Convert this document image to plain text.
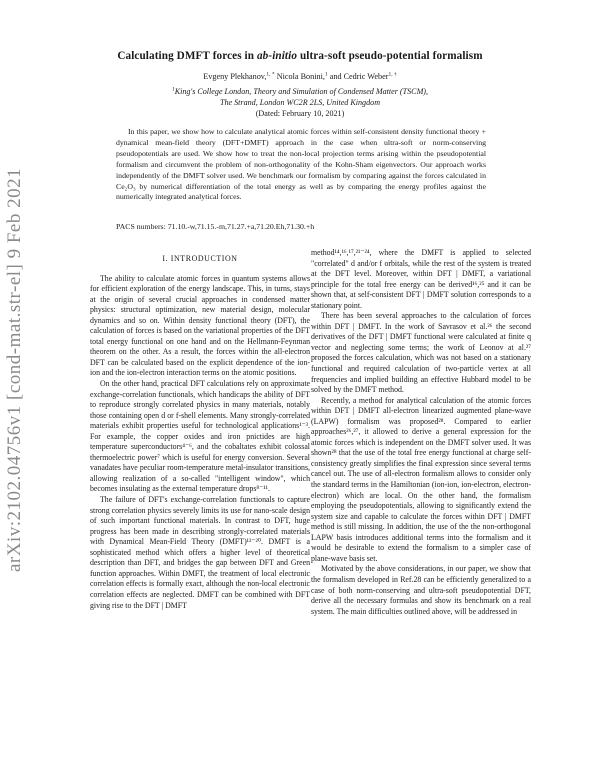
arXiv:2102.04756v1 [cond-mat.str-el] 9 Feb 2021
Calculating DMFT forces in ab-initio ultra-soft pseudo-potential formalism
Evgeny Plekhanov,$^{1, *}$ Nicola Bonini,$^1$ and Cedric Weber$^{1, \dagger}$
$^1$King's College London, Theory and Simulation of Condensed Matter (TSCM),
The Strand, London WC2R 2LS, United Kingdom
(Dated: February 10, 2021)

In this paper, we show how to calculate analytical atomic forces within self-consistent density functional theory + dynamical mean-field theory (DFT+DMFT) approach in the case when ultra-soft or norm-conserving pseudopotentials are used. We show how to treat the non-local projection terms arising within the pseudopotential formalism and circumvent the problem of non-orthogonality of the Kohn-Sham eigenvectors. Our approach works independently of the DMFT solver used. We benchmark our formalism by comparing against the forces calculated in Ce₂O₃ by numerical differentiation of the total energy as well as by comparing the energy profiles against the numerically integrated analytical forces.

PACS numbers: 71.10.-w,71.15.-m,71.27.+a,71.20.Eh,71.30.+h
I. INTRODUCTION

The ability to calculate atomic forces in quantum systems allows for efficient exploration of the energy landscape. This, in turns, stays at the origin of several crucial approaches in condensed matter physics: structural optimization, new material design, molecular dynamics and so on. Within density functional theory (DFT), the calculation of forces is based on the variational properties of the DFT total energy functional on one hand and on the Hellmann-Feynman theorem on the other. As a result, the forces within the all-electron DFT can be calculated based on the explicit dependence of the ion-ion and the ion-electron interaction terms on the atomic positions.

On the other hand, practical DFT calculations rely on approximate exchange-correlation functionals, which handicaps the ability of DFT to reproduce strongly correlated physics in many materials, notably those containing open d or f-shell elements. Many strongly-correlated materials exhibit properties useful for technological applications¹⁻³. For example, the copper oxides and iron pnictides are high temperature superconductors⁴⁻⁶, and the cobaltates exhibit colossal thermoelectric power⁷ which is useful for energy conversion. Several vanadates have peculiar room-temperature metal-insulator transitions, allowing realization of a so-called "intelligent window", which becomes insulating as the external temperature drops⁸⁻¹¹.

The failure of DFT's exchange-correlation functionals to capture strong correlation physics severely limits its use for nano-scale design of such important functional materials. In contrast to DFT, huge progress has been made in describing strongly-correlated materials with Dynamical Mean-Field Theory (DMFT)¹²⁻²⁰. DMFT is a sophisticated method which offers a higher level of theoretical description than DFT, and bridges the gap between DFT and Green function approaches. Within DMFT, the treatment of local electronic correlation effects is formally exact, although the non-local electronic correlation effects are neglected. DMFT can be combined with DFT giving rise to the DFT | DMFT

method¹⁴,¹⁶,¹⁷,²¹⁻²⁴, where the DMFT is applied to selected "correlated" d and/or f orbitals, while the rest of the system is treated at the DFT level. Moreover, within DFT | DMFT, a variational principle for the total free energy can be derived¹⁶,²⁵ and it can be shown that, at self-consistent DFT | DMFT solution corresponds to a stationary point.

There has been several approaches to the calculation of forces within DFT | DMFT. In the work of Savrasov et al.²⁶ the second derivatives of the DFT | DMFT functional were calculated at finite q vector and neglecting some terms; the work of Leonov at al.²⁷ proposed the forces calculation, which was not based on a stationary functional and required calculation of two-particle vertex at all frequencies and implied building an effective Hubbard model to be solved by the DMFT method.

Recently, a method for analytical calculation of the atomic forces within DFT | DMFT all-electron linearized augmented plane-wave (LAPW) formalism was proposed²⁸. Compared to earlier approaches²⁶,²⁷, it allowed to derive a general expression for the atomic forces which is independent on the DMFT solver used. It was shown²⁸ that the use of the total free energy functional at charge self-consistency greatly simplifies the final expression since several terms cancel out. The use of all-electron formalism allows to consider only the standard terms in the Hamiltonian (ion-ion, ion-electron, electron-electron) which are local. On the other hand, the formalism employing the pseudopotentials, allowing to significantly extend the system size and capable to calculate the forces within DFT | DMFT method is still missing. In addition, the use of the the non-orthogonal LAPW basis introduces additional terms into the formalism and it would be desirable to extend the formalism to a simpler case of plane-wave basis set.

Motivated by the above considerations, in our paper, we show that the formalism developed in Ref.28 can be efficiently generalized to a case of both norm-conserving and ultra-soft pseudopotential DFT, derive all the necessary formulas and show its benchmark on a real system. The main difficulties outlined above, will be addressed in
